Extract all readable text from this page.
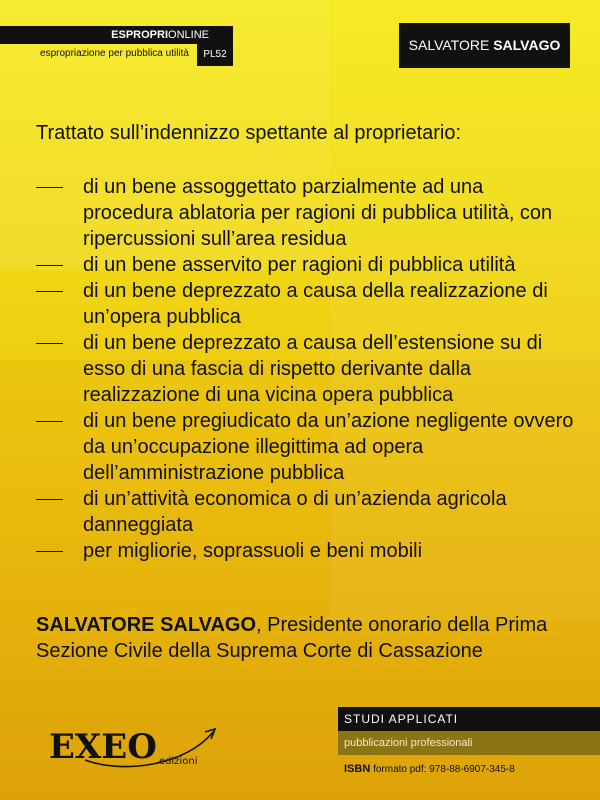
ESPROPRIONLINE
espropriazione per pubblica utilità	PL52
SALVATORE SALVAGO
Trattato sull’indennizzo spettante al proprietario:
di un bene assoggettato parzialmente ad una procedura ablatoria per ragioni di pubblica utilità, con ripercussioni sull’area residua
di un bene asservito per ragioni di pubblica utilità
di un bene deprezzato a causa della realizzazione di un’opera pubblica
di un bene deprezzato a causa dell’estensione su di esso di una fascia di rispetto derivante dalla realizzazione di una vicina opera pubblica
di un bene pregiudicato da un’azione negligente ovvero da un’occupazione illegittima ad opera dell’amministrazione pubblica
di un’attività economica o di un’azienda agricola danneggiata
per migliorie, soprassuoli e beni mobili

SALVATORE SALVAGO, Presidente onorario della Prima Sezione Civile della Suprema Corte di Cassazione

EXEO edizioni
STUDI APPLICATI
pubblicazioni professionali
ISBN formato pdf: 978-88-6907-345-8
